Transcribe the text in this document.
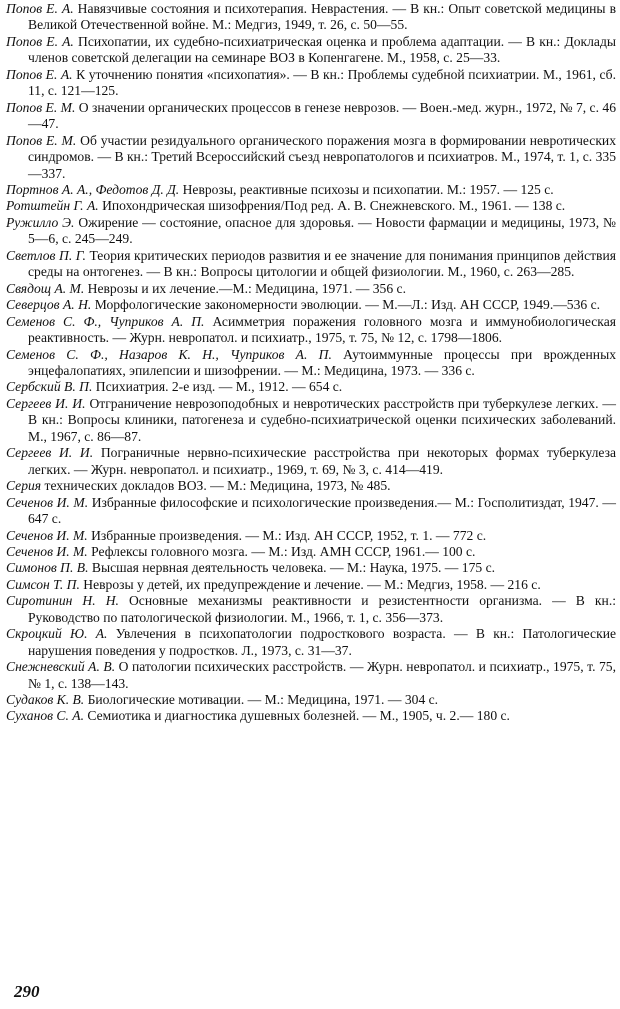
Попов Е. А. Навязчивые состояния и психотерапия. Неврастения. — В кн.: Опыт советской медицины в Великой Отечественной войне. М.: Медгиз, 1949, т. 26, с. 50—55.

Попов Е. А. Психопатии, их судебно-психиатрическая оценка и проблема адаптации. — В кн.: Доклады членов советской делегации на семинаре ВОЗ в Копенгагене. М., 1958, с. 25—33.

Попов Е. А. К уточнению понятия «психопатия». — В кн.: Проблемы судебной психиатрии. М., 1961, сб. 11, с. 121—125.

Попов Е. М. О значении органических процессов в генезе неврозов. — Воен.-мед. журн., 1972, № 7, с. 46—47.

Попов Е. М. Об участии резидуального органического поражения мозга в формировании невротических синдромов. — В кн.: Третий Всероссийский съезд невропатологов и психиатров. М., 1974, т. 1, с. 335—337.

Портнов А. А., Федотов Д. Д. Неврозы, реактивные психозы и психопатии. М.: 1957. — 125 с.

Ротштейн Г. А. Ипохондрическая шизофрения/Под ред. А. В. Снежневского. М., 1961. — 138 с.

Ружилло Э. Ожирение — состояние, опасное для здоровья. — Новости фармации и медицины, 1973, № 5—6, с. 245—249.

Светлов П. Г. Теория критических периодов развития и ее значение для понимания принципов действия среды на онтогенез. — В кн.: Вопросы цитологии и общей физиологии. М., 1960, с. 263—285.

Свядощ А. М. Неврозы и их лечение.—М.: Медицина, 1971. — 356 с.

Северцов А. Н. Морфологические закономерности эволюции. — М.—Л.: Изд. АН СССР, 1949.—536 с.

Семенов С. Ф., Чуприков А. П. Асимметрия поражения головного мозга и иммунобиологическая реактивность. — Журн. невропатол. и психиатр., 1975, т. 75, № 12, с. 1798—1806.

Семенов С. Ф., Назаров К. Н., Чуприков А. П. Аутоиммунные процессы при врожденных энцефалопатиях, эпилепсии и шизофрении. — М.: Медицина, 1973. — 336 с.

Сербский В. П. Психиатрия. 2-е изд. — М., 1912. — 654 с.

Сергеев И. И. Отграничение неврозоподобных и невротических расстройств при туберкулезе легких. — В кн.: Вопросы клиники, патогенеза и судебно-психиатрической оценки психических заболеваний. М., 1967, с. 86—87.

Сергеев И. И. Пограничные нервно-психические расстройства при некоторых формах туберкулеза легких. — Журн. невропатол. и психиатр., 1969, т. 69, № 3, с. 414—419.

Серия технических докладов ВОЗ. — М.: Медицина, 1973, № 485.

Сеченов И. М. Избранные философские и психологические произведения.— М.: Госполитиздат, 1947. — 647 с.

Сеченов И. М. Избранные произведения. — М.: Изд. АН СССР, 1952, т. 1. — 772 с.

Сеченов И. М. Рефлексы головного мозга. — М.: Изд. АМН СССР, 1961.— 100 с.

Симонов П. В. Высшая нервная деятельность человека. — М.: Наука, 1975. — 175 с.

Симсон Т. П. Неврозы у детей, их предупреждение и лечение. — М.: Медгиз, 1958. — 216 с.

Сиротинин Н. Н. Основные механизмы реактивности и резистентности организма. — В кн.: Руководство по патологической физиологии. М., 1966, т. 1, с. 356—373.

Скроцкий Ю. А. Увлечения в психопатологии подросткового возраста. — В кн.: Патологические нарушения поведения у подростков. Л., 1973, с. 31—37.

Снежневский А. В. О патологии психических расстройств. — Журн. невропатол. и психиатр., 1975, т. 75, № 1, с. 138—143.

Судаков К. В. Биологические мотивации. — М.: Медицина, 1971. — 304 с.

Суханов С. А. Семиотика и диагностика душевных болезней. — М., 1905, ч. 2.— 180 с.

290
